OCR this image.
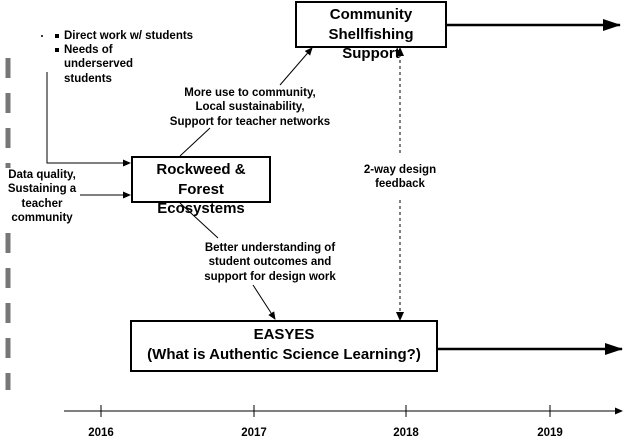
Direct work w/ students
Needs of underserved students
Data quality,
Sustaining a
teacher
community
Community Shellfishing
Support
Rockweed & Forest
Ecosystems
EASYES
(What is Authentic Science Learning?)
More use to community,
Local sustainability,
Support for teacher networks
Better understanding of
student outcomes and
support for design work
2-way design
feedback
2016	2017	2018	2019
